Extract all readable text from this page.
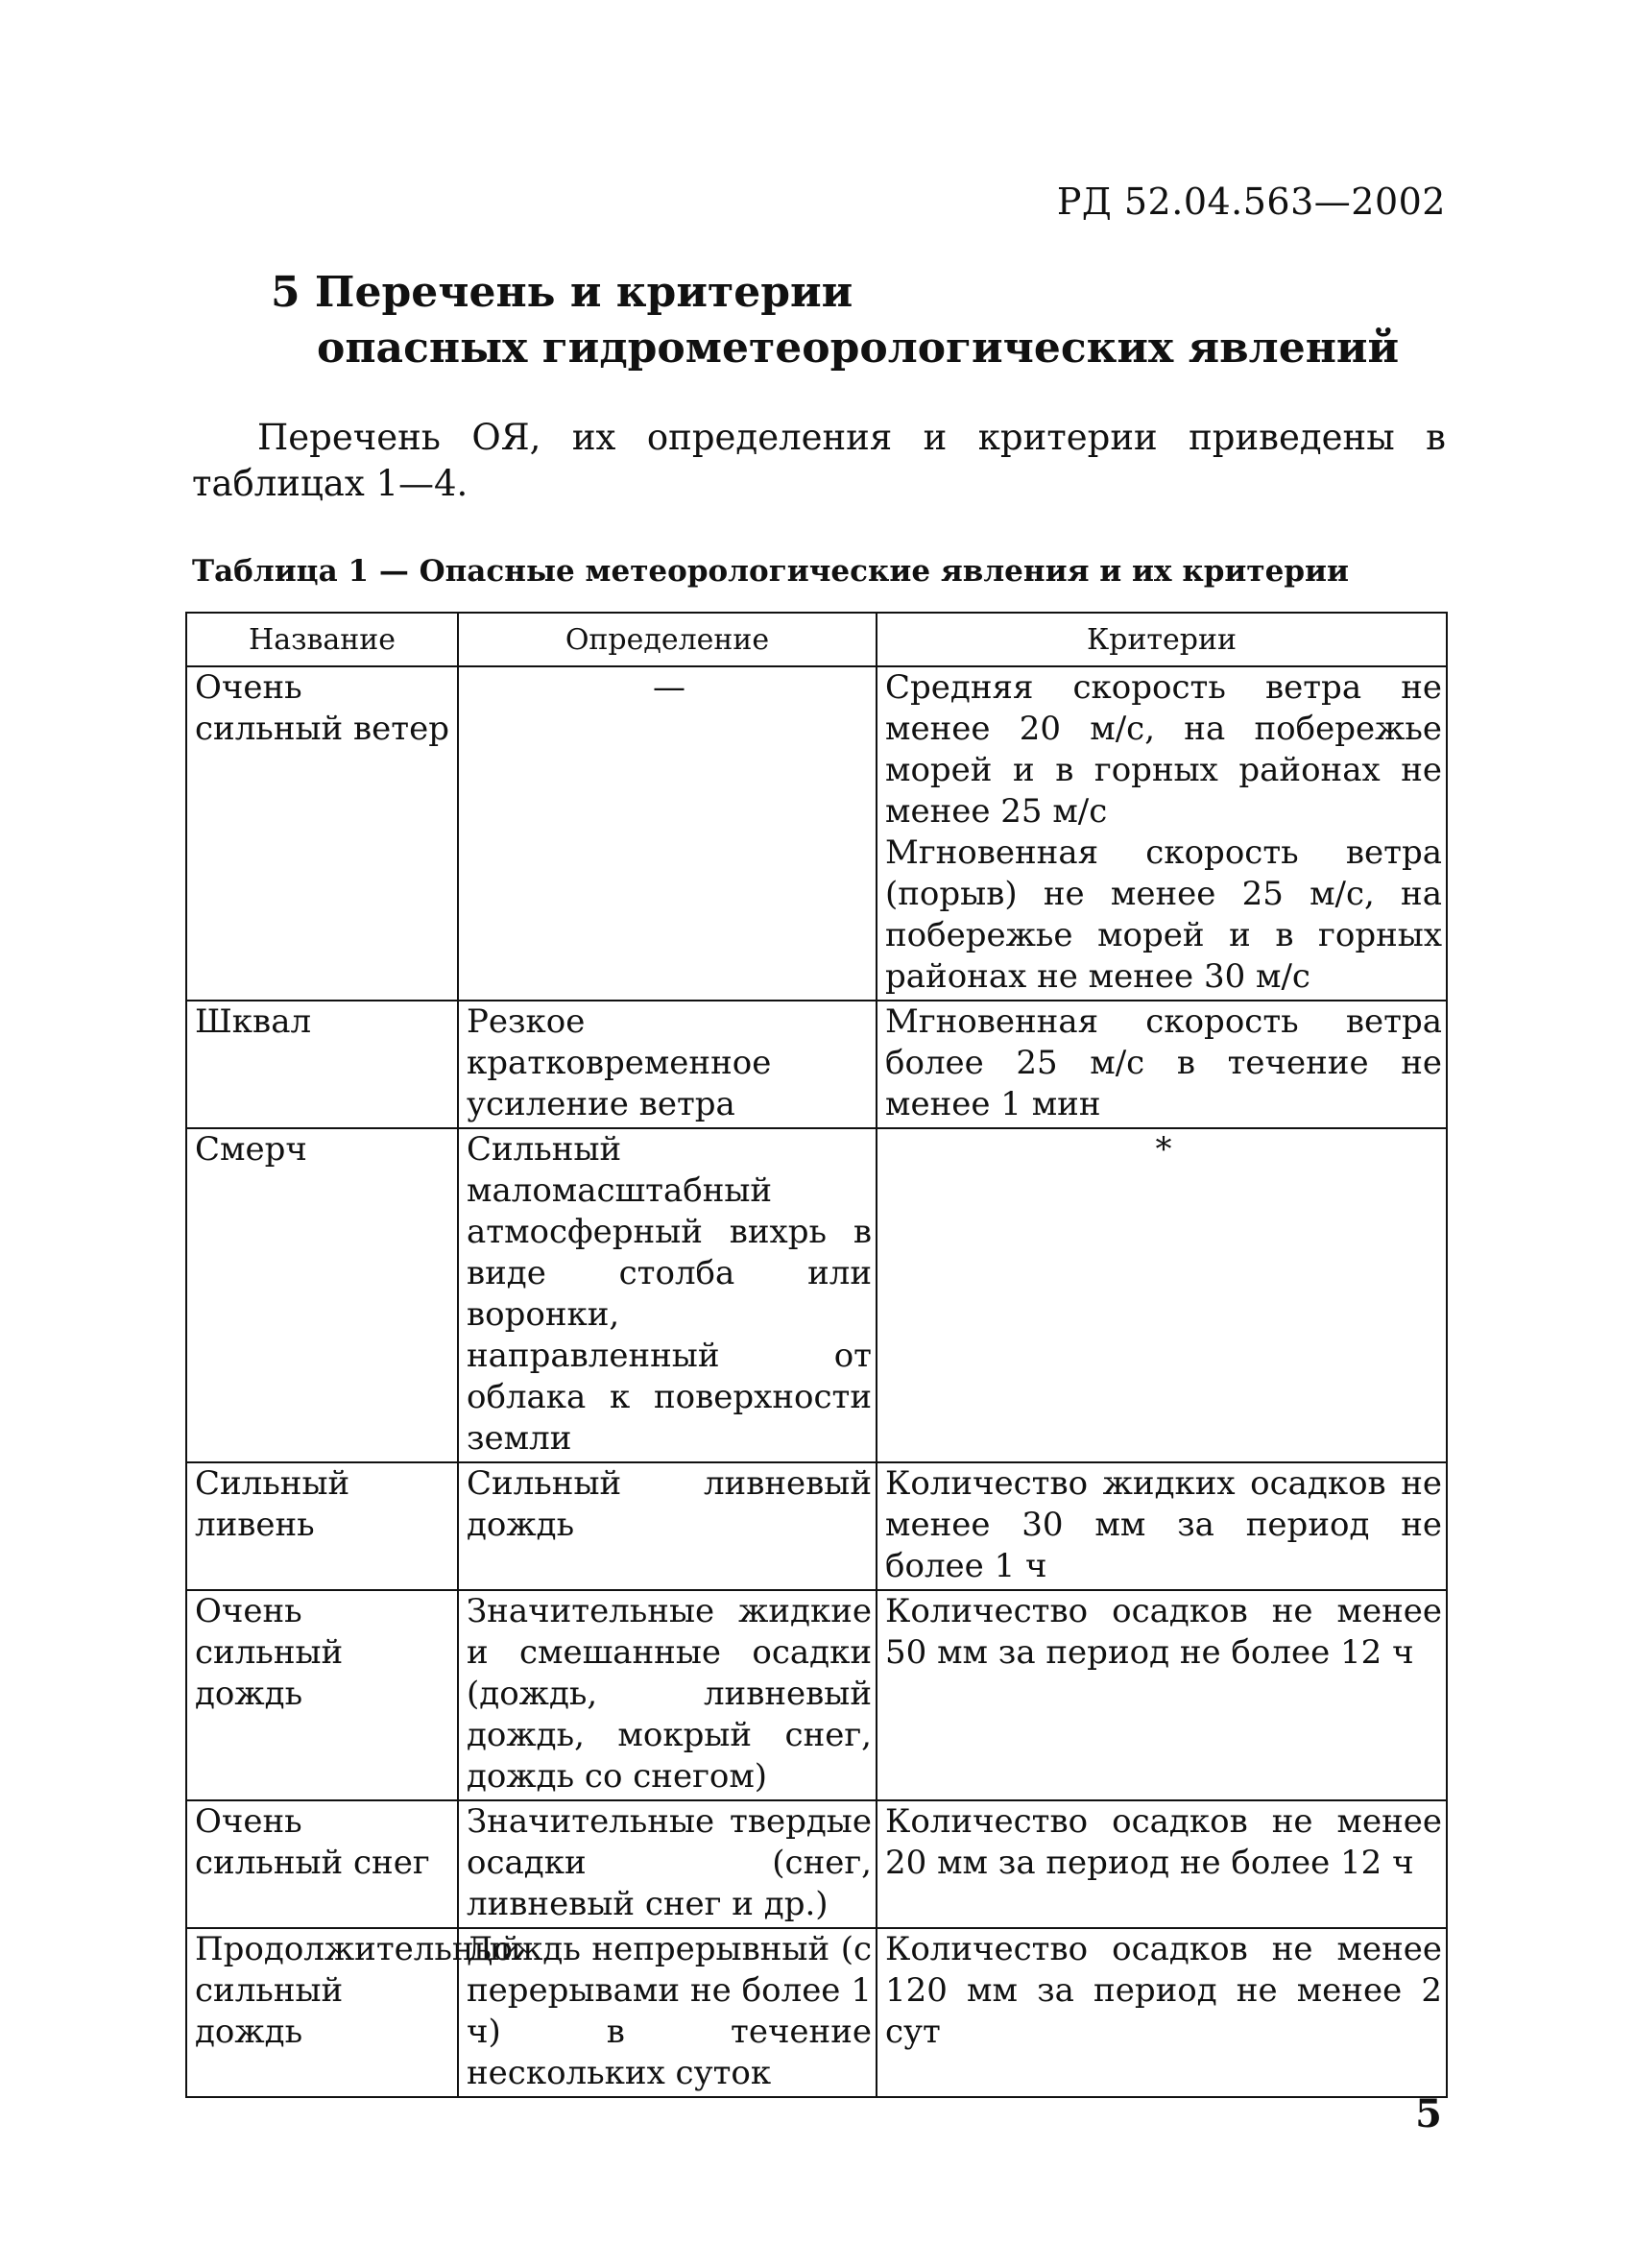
РД 52.04.563—2002
5 Перечень и критерии
опасных гидрометеорологических явлений

Перечень ОЯ, их определения и критерии приведены в таблицах 1—4.

Таблица 1 — Опасные метеорологические явления и их критерии
Название	Определение	Критерии
Очень сильный ветер	—	Средняя скорость ветра не менее 20 м/с, на побережье морей и в горных районах не менее 25 м/с
Мгновенная скорость ветра (порыв) не менее 25 м/с, на побережье морей и в горных районах не менее 30 м/с

Шквал	Резкое кратковременное усиление ветра	Мгновенная скорость ветра более 25 м/с в течение не менее 1 мин
Смерч	Сильный маломасштабный атмосферный вихрь в виде столба или воронки, направленный от облака к поверхности земли	*
Сильный ливень	Сильный ливневый дождь	Количество жидких осадков не менее 30 мм за период не более 1 ч
Очень сильный дождь	Значительные жидкие и смешанные осадки (дождь, ливневый дождь, мокрый снег, дождь со снегом)	Количество осадков не менее 50 мм за период не более 12 ч
Очень сильный снег	Значительные твердые осадки (снег, ливневый снег и др.)	Количество осадков не менее 20 мм за период не более 12 ч
Продолжительный сильный дождь	Дождь непрерывный (с перерывами не более 1 ч) в течение нескольких суток	Количество осадков не менее 120 мм за период не менее 2 сут
5
